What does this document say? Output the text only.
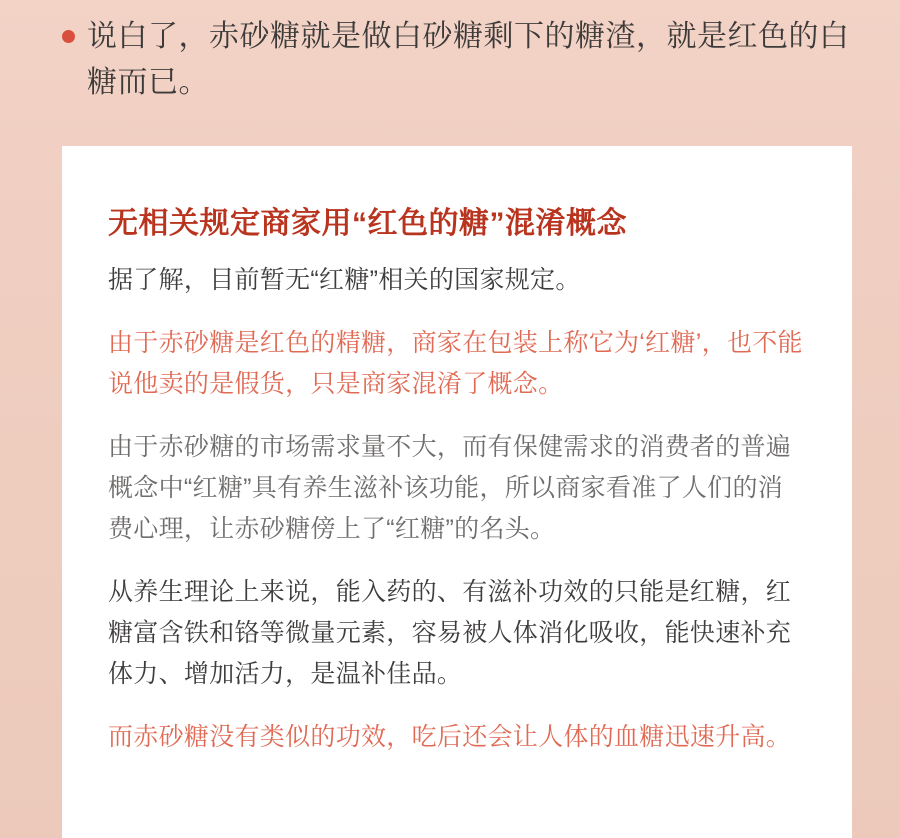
说白了，赤砂糖就是做白砂糖剩下的糖渣，就是红色的白糖而已。
无相关规定商家用“红色的糖”混淆概念

据了解，目前暂无“红糖”相关的国家规定。

由于赤砂糖是红色的精糖，商家在包装上称它为‘红糖’，也不能说他卖的是假货，只是商家混淆了概念。

由于赤砂糖的市场需求量不大，而有保健需求的消费者的普遍概念中“红糖”具有养生滋补该功能，所以商家看准了人们的消费心理，让赤砂糖傍上了“红糖”的名头。

从养生理论上来说，能入药的、有滋补功效的只能是红糖，红糖富含铁和铬等微量元素，容易被人体消化吸收，能快速补充体力、增加活力，是温补佳品。

而赤砂糖没有类似的功效，吃后还会让人体的血糖迅速升高。
